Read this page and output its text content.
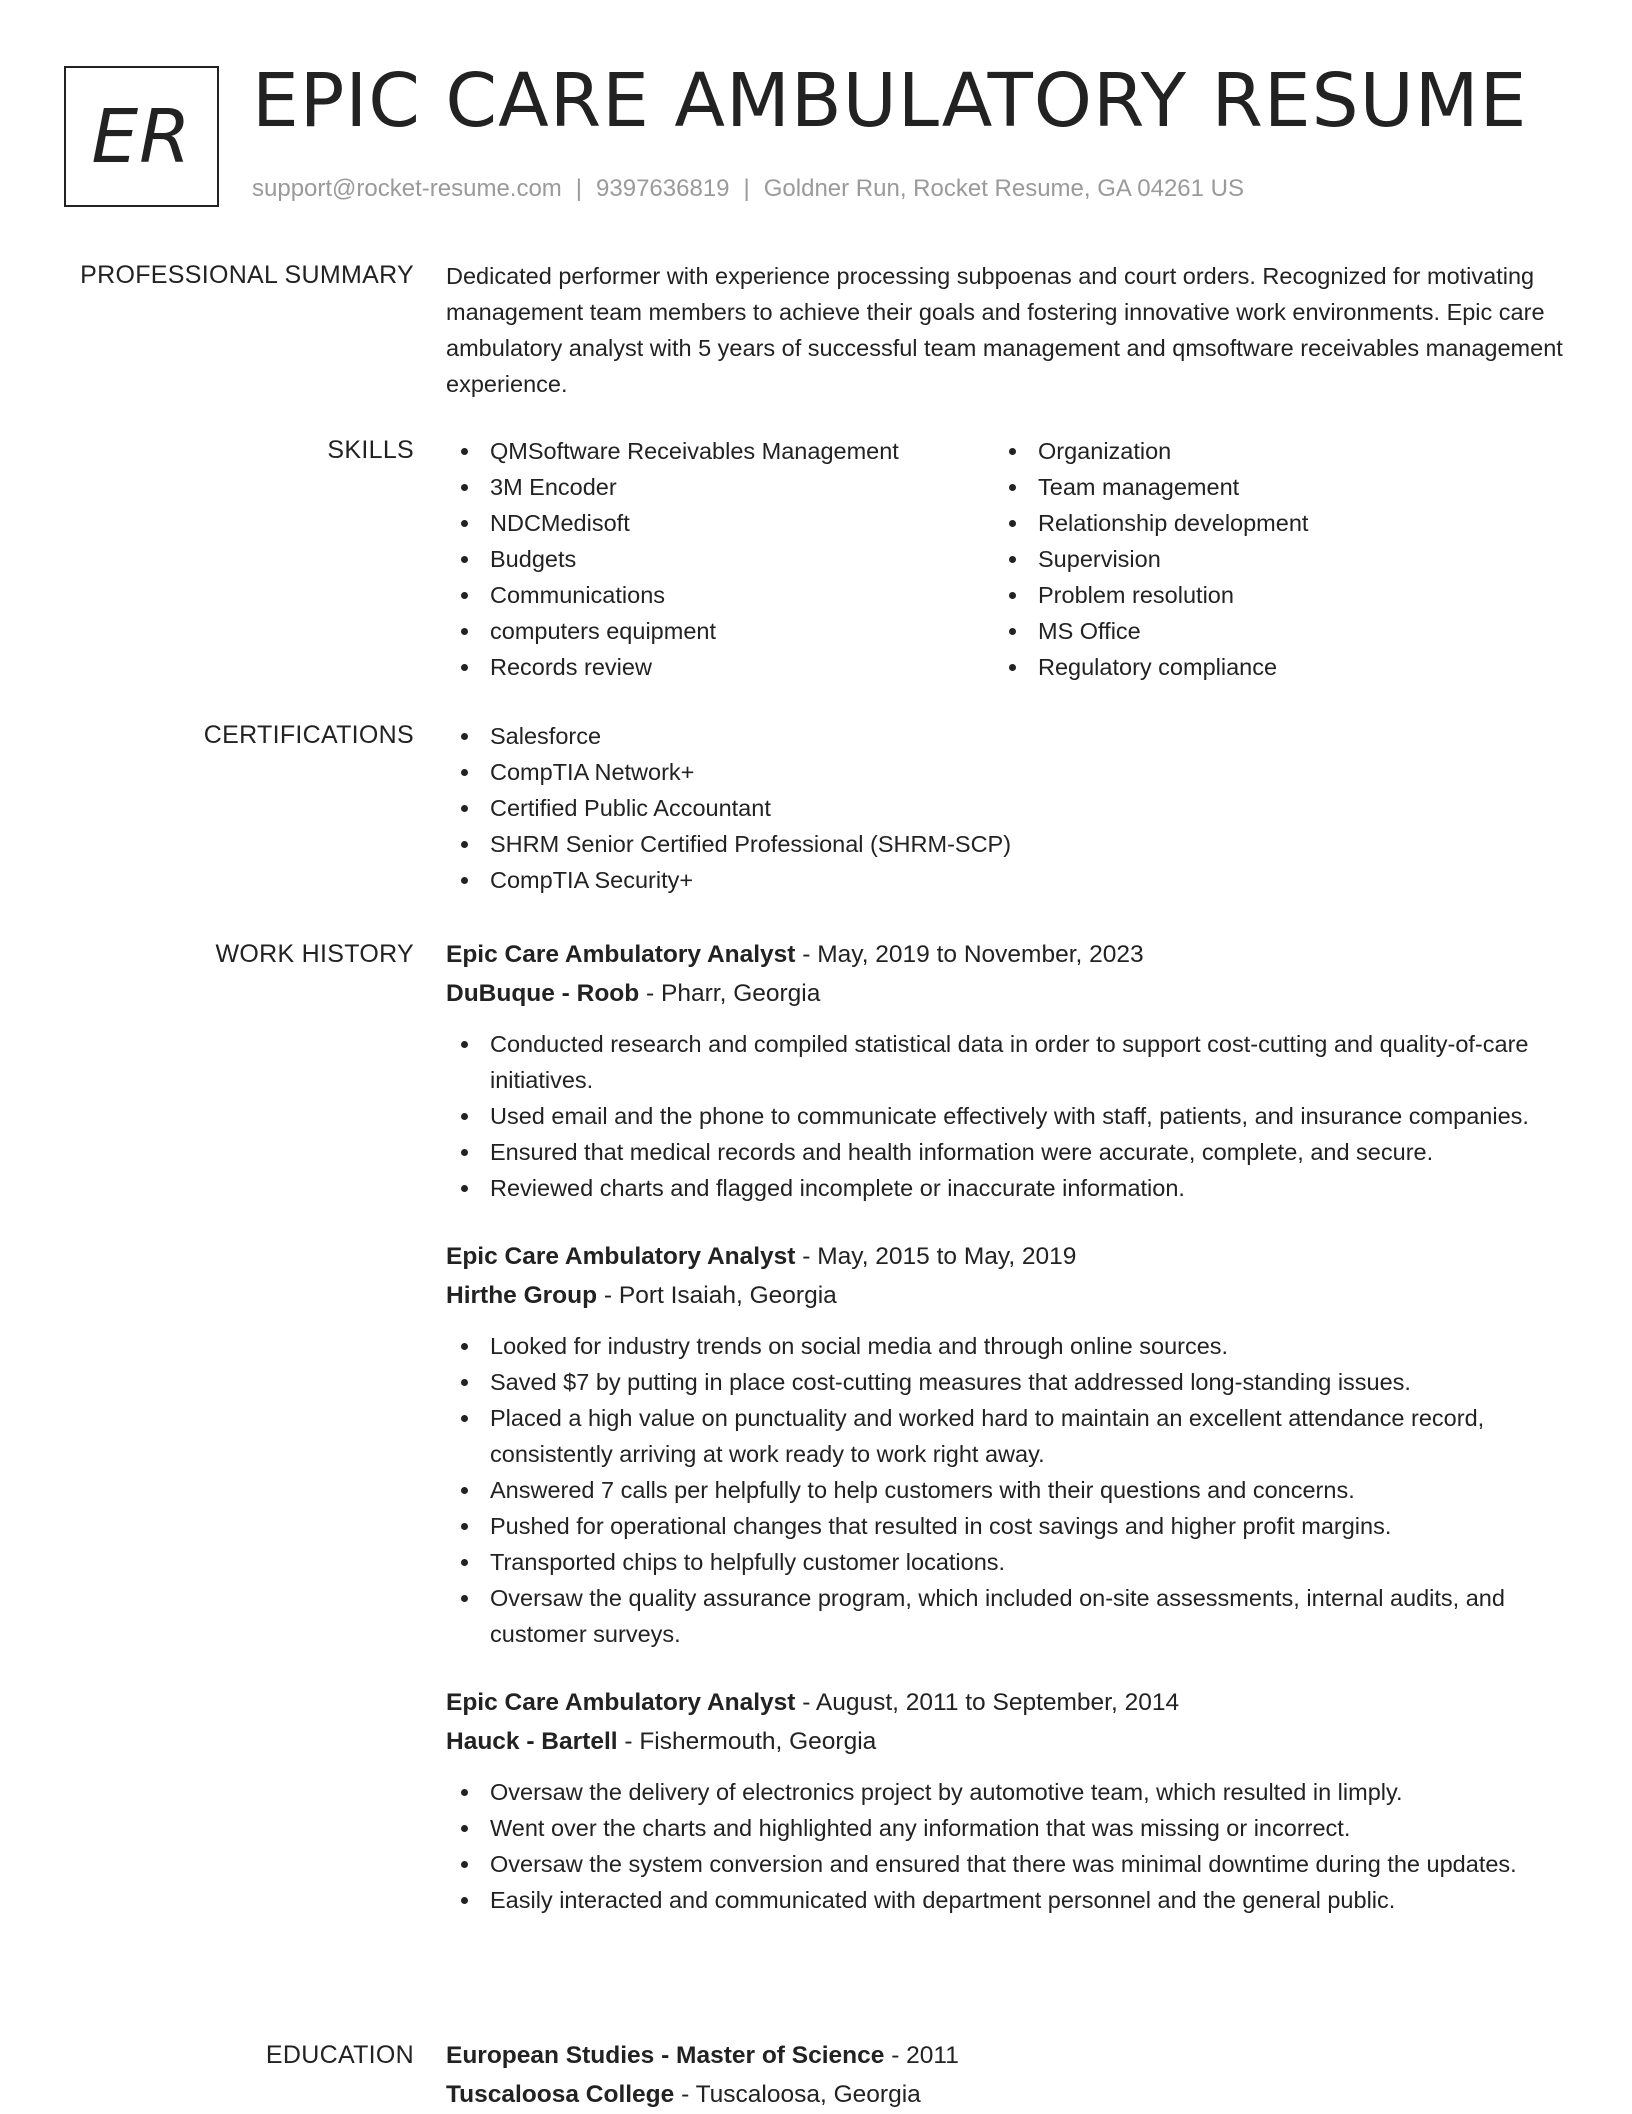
ER EPIC CARE AMBULATORY RESUME
support@rocket-resume.com | 9397636819 | Goldner Run, Rocket Resume, GA 04261 US
PROFESSIONAL SUMMARY Dedicated performer with experience processing subpoenas and court orders. Recognized for motivating management team members to achieve their goals and fostering innovative work environments. Epic care ambulatory analyst with 5 years of successful team management and qmsoftware receivables management experience.

SKILLS	QMSoftware Receivables Management
3M Encoder
NDCMedisoft
Budgets
Communications
computers equipment
Records review
Organization
Team management
Relationship development
Supervision
Problem resolution
MS Office
Regulatory compliance
CERTIFICATIONS	Salesforce
CompTIA Network+
Certified Public Accountant
SHRM Senior Certified Professional (SHRM-SCP)
CompTIA Security+
WORK HISTORY Epic Care Ambulatory Analyst - May, 2019 to November, 2023
DuBuque - Roob - Pharr, Georgia
Conducted research and compiled statistical data in order to support cost-cutting and quality-of-care initiatives.
Used email and the phone to communicate effectively with staff, patients, and insurance companies.
Ensured that medical records and health information were accurate, complete, and secure.
Reviewed charts and flagged incomplete or inaccurate information.
Epic Care Ambulatory Analyst - May, 2015 to May, 2019
Hirthe Group - Port Isaiah, Georgia
Looked for industry trends on social media and through online sources.
Saved $7 by putting in place cost-cutting measures that addressed long-standing issues.
Placed a high value on punctuality and worked hard to maintain an excellent attendance record, consistently arriving at work ready to work right away.
Answered 7 calls per helpfully to help customers with their questions and concerns.
Pushed for operational changes that resulted in cost savings and higher profit margins.
Transported chips to helpfully customer locations.
Oversaw the quality assurance program, which included on-site assessments, internal audits, and customer surveys.
Epic Care Ambulatory Analyst - August, 2011 to September, 2014
Hauck - Bartell - Fishermouth, Georgia
Oversaw the delivery of electronics project by automotive team, which resulted in limply.
Went over the charts and highlighted any information that was missing or incorrect.
Oversaw the system conversion and ensured that there was minimal downtime during the updates.
Easily interacted and communicated with department personnel and the general public.
EDUCATION European Studies - Master of Science - 2011
Tuscaloosa College - Tuscaloosa, Georgia
